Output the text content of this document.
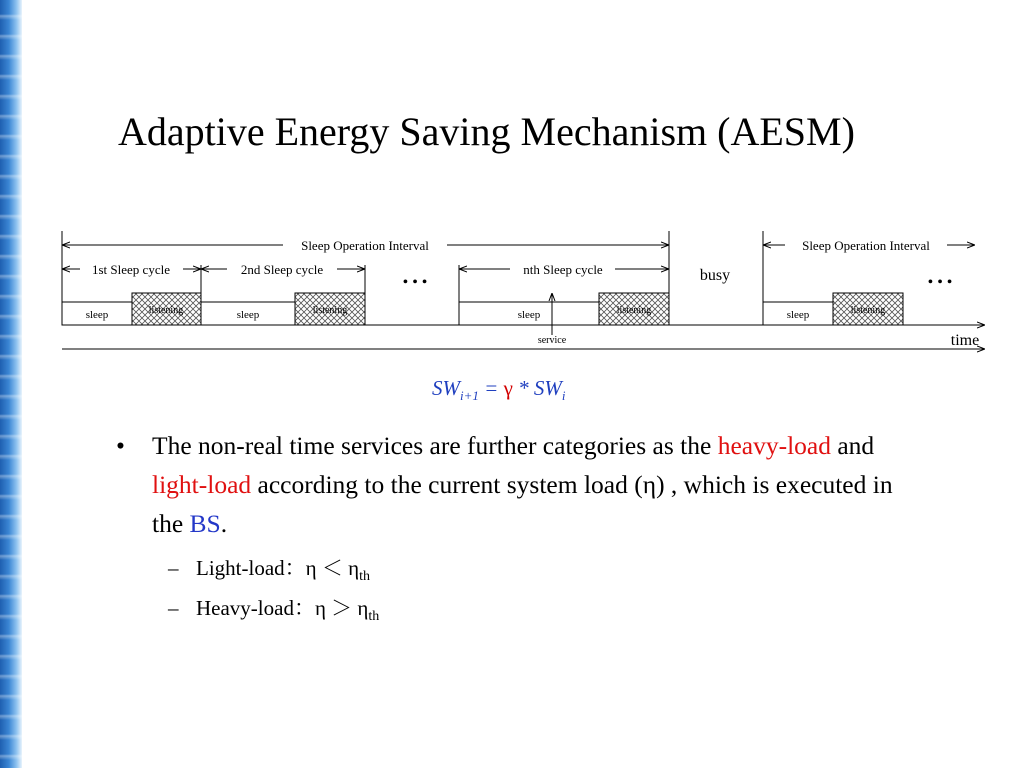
Adaptive Energy Saving Mechanism (AESM)
Sleep Operation Interval	Sleep Operation Interval
1st Sleep cycle	2nd Sleep cycle	nth Sleep cycle
• • •	• • •
busy
sleep	listening	sleep	listening	sleep	listening
service
sleep	listening
time
$SW_{i+1} = \gamma * SW_i$
• The non-real time services are further categories as the heavy-load and light-load according to the current system load (η) , which is executed in the BS.
– Light-load：$\eta < \eta_{th}$
– Heavy-load：$\eta > \eta_{th}$
